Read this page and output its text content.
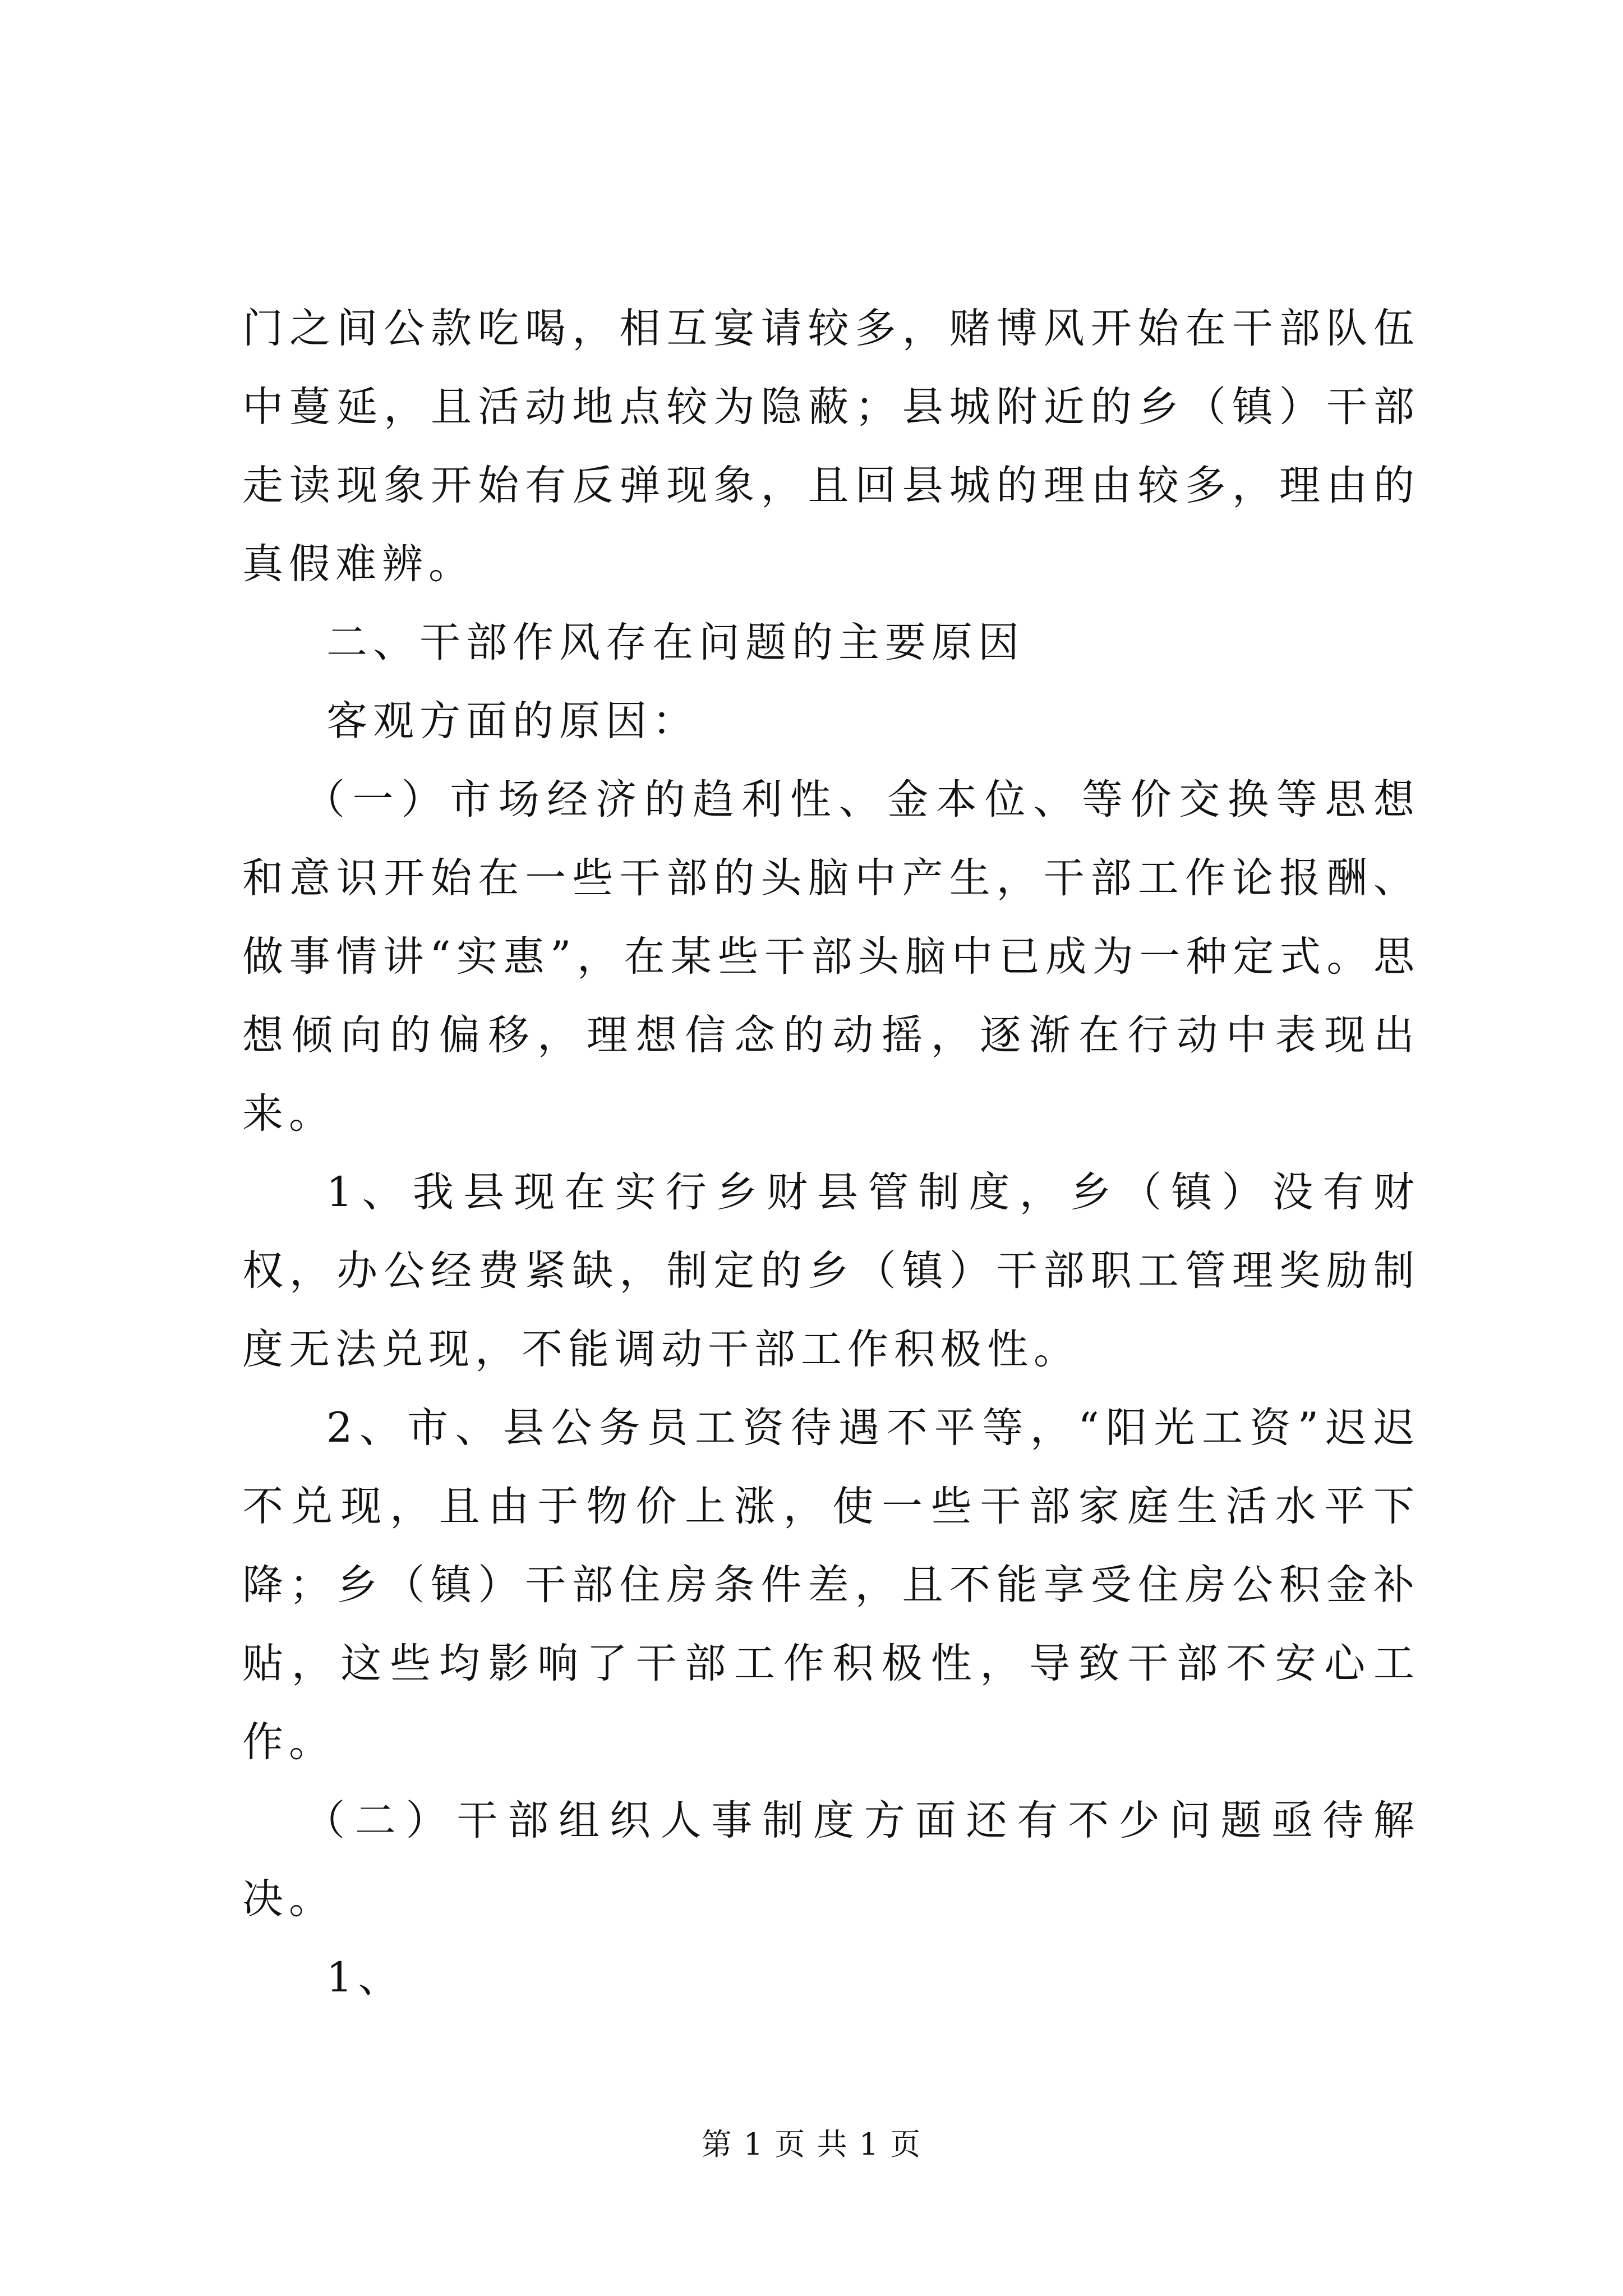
门之间公款吃喝，相互宴请较多，赌博风开始在干部队伍中蔓延，且活动地点较为隐蔽；县城附近的乡（镇）干部走读现象开始有反弹现象，且回县城的理由较多，理由的真假难辨。

二、干部作风存在问题的主要原因

客观方面的原因：

（一）市场经济的趋利性、金本位、等价交换等思想和意识开始在一些干部的头脑中产生，干部工作论报酬、做事情讲“实惠”，在某些干部头脑中已成为一种定式。思想倾向的偏移，理想信念的动摇，逐渐在行动中表现出来。

1、我县现在实行乡财县管制度，乡（镇）没有财权，办公经费紧缺，制定的乡（镇）干部职工管理奖励制度无法兑现，不能调动干部工作积极性。

2、市、县公务员工资待遇不平等，“阳光工资”迟迟不兑现，且由于物价上涨，使一些干部家庭生活水平下降；乡（镇）干部住房条件差，且不能享受住房公积金补贴，这些均影响了干部工作积极性，导致干部不安心工作。

（二）干部组织人事制度方面还有不少问题亟待解决。

1、

第 1 页 共 1 页
